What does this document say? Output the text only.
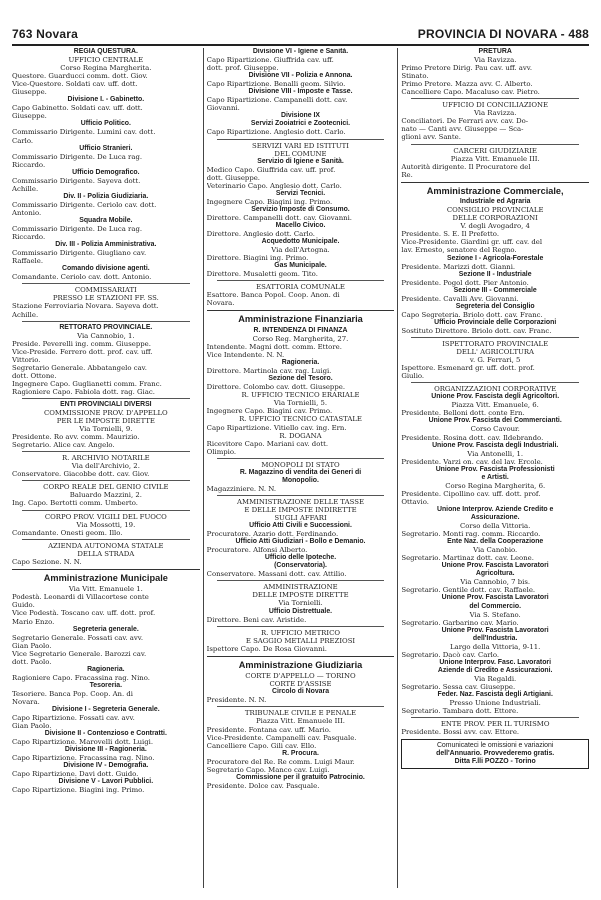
763 Novara	PROVINCIA DI NOVARA - 488
REGIA QUESTURA.
UFFICIO CENTRALE
Corso Regina Margherita.
Questore. Guarducci comm. dott. Giov.
Vice-Questore. Soldati cav. uff. dott.
Giuseppe.
Divisione I. - Gabinetto.
Capo Gabinetto. Soldati cav. uff. dott.
Giuseppe.
Ufficio Politico.
Commissario Dirigente. Lumini cav. dott.
Carlo.
Ufficio Stranieri.
Commissario Dirigente. De Luca rag.
Riccardo.
Ufficio Demografico.
Commissario Dirigente. Sayeva dott.
Achille.
Div. II - Polizia Giudiziaria.
Commissario Dirigente. Ceriolo cav. dott.
Antonio.
Squadra Mobile.
Commissario Dirigente. De Luca rag.
Riccardo.
Div. III - Polizia Amministrativa.
Commissario Dirigente. Giugliano cav.
Raffaele.
Comando divisione agenti.
Comandante. Ceriolo cav. dott. Antonio.
COMMISSARIATI
PRESSO LE STAZIONI FF. SS.
Stazione Ferroviaria Novara. Sayeva dott.
Achille.
RETTORATO PROVINCIALE.
Via Cannobio, 1.
Preside. Peverelli ing. comm. Giuseppe.
Vice-Preside. Ferrero dott. prof. cav. uff.
Vittorio.
Segretario Generale. Abbatangelo cav.
dott. Ottone.
Ingegnere Capo. Guglianetti comm. Franc.
Ragioniere Capo. Fabiola dott. rag. Giac.
ENTI PROVINCIALI DIVERSI
COMMISSIONE PROV. D'APPELLO
PER LE IMPOSTE DIRETTE
Via Tornielli, 9.
Presidente. Ro avv. comm. Maurizio.
Segretario. Alice cav. Angelo.
R. ARCHIVIO NOTARILE
Via dell'Archivio, 2.
Conservatore. Giacobbe dott. cav. Giov.
CORPO REALE DEL GENIO CIVILE
Baluardo Mazzini, 2.
Ing. Capo. Bertotti comm. Umberto.
CORPO PROV. VIGILI DEL FUOCO
Via Mossotti, 19.
Comandante. Onesti geom. Illo.
AZIENDA AUTONOMA STATALE
DELLA STRADA
Capo Sezione. N. N.
Amministrazione Municipale
Via Vitt. Emanuele 1.
Podestà. Leonardi di Villacortese conte
Guido.
Vice Podestà. Toscano cav. uff. dott. prof.
Mario Enzo.
Segreteria generale.
Segretario Generale. Fossati cav. avv.
Gian Paolo.
Vice Segretario Generale. Barozzi cav.
dott. Paolo.
Ragioneria.
Ragioniere Capo. Fracassina rag. Nino.
Tesoreria.
Tesoriere. Banca Pop. Coop. An. di
Novara.
Divisione I - Segreteria Generale.
Capo Ripartizione. Fossati cav. avv.
Gian Paolo.
Divisione II - Contenzioso e Contratti.
Capo Ripartizione. Marovelli dott. Luigi.
Divisione III - Ragioneria.
Capo Ripartizione. Fracassina rag. Nino.
Divisione IV - Demografia.
Capo Ripartizione. Davi dott. Guido.
Divisione V - Lavori Pubblici.
Capo Ripartizione. Biagini ing. Primo.
Divisione VI - Igiene e Sanità.
Capo Ripartizione. Giuffrida cav. uff.
dott. prof. Giuseppe.
Divisione VII - Polizia e Annona.
Capo Ripartizione. Benalli geom. Silvio.
Divisione VIII - Imposte e Tasse.
Capo Ripartizione. Campanelli dott. cav.
Giovanni.
Divisione IX
Servizi Zooiatrici e Zootecnici.
Capo Ripartizione. Anglesio dott. Carlo.
SERVIZI VARI ED ISTITUTI
DEL COMUNE
Servizio di Igiene e Sanità.
Medico Capo. Giuffrida cav. uff. prof.
dott. Giuseppe.
Veterinario Capo. Anglesio dott. Carlo.
Servizi Tecnici.
Ingegnere Capo. Biagini ing. Primo.
Servizio Imposte di Consumo.
Direttore. Campanelli dott. cav. Giovanni.
Macello Civico.
Direttore. Anglesio dott. Carlo.
Acquedotto Municipale.
Via dell'Artogna.
Direttore. Biagini ing. Primo.
Gas Municipale.
Direttore. Musaletti geom. Tito.
ESATTORIA COMUNALE
Esattore. Banca Popol. Coop. Anon. di
Novara.
Amministrazione Finanziaria
R. INTENDENZA DI FINANZA
Corso Reg. Margherita, 27.
Intendente. Magni dott. comm. Ettore.
Vice Intendente. N. N.
Ragioneria.
Direttore. Martinola cav. rag. Luigi.
Sezione del Tesoro.
Direttore. Colombo cav. dott. Giuseppe.
R. UFFICIO TECNICO ERARIALE
Via Tornielli, 5.
Ingegnere Capo. Biagini cav. Primo.
R. UFFICIO TECNICO CATASTALE
Capo Ripartizione. Vitiello cav. ing. Ern.
R. DOGANA
Ricevitore Capo. Mariani cav. dott.
Olimpio.
MONOPOLI DI STATO
R. Magazzino di vendita dei Generi di
Monopolio.
Magazziniere. N. N.
AMMINISTRAZIONE DELLE TASSE
E DELLE IMPOSTE INDIRETTE
SUGLI AFFARI
Ufficio Atti Civili e Successioni.
Procuratore. Azario dott. Ferdinando.
Ufficio Atti Giudiziari - Bollo e Demanio.
Procuratore. Alfonsi Alberto.
Ufficio delle Ipoteche.
(Conservatoria).
Conservatore. Massani dott. cav. Attilio.
AMMINISTRAZIONE
DELLE IMPOSTE DIRETTE
Via Tornielli.
Ufficio Distrettuale.
Direttore. Beni cav. Aristide.
R. UFFICIO METRICO
E SAGGIO METALLI PREZIOSI
Ispettore Capo. De Rosa Giovanni.
Amministrazione Giudiziaria
CORTE D'APPELLO — TORINO
CORTE D'ASSISE
Circolo di Novara
Presidente. N. N.
TRIBUNALE CIVILE E PENALE
Piazza Vitt. Emanuele III.
Presidente. Fontana cav. uff. Mario.
Vice-Presidente. Campanelli cav. Pasquale.
Cancelliere Capo. Gili cav. Ello.
R. Procura.
Procuratore del Re. Re comm. Luigi Maur.
Segretario Capo. Manco cav. Luigi.
Commissione per il gratuito Patrocinio.
Presidente. Dolce cav. Pasquale.
PRETURA
Via Ravizza.
Primo Pretore Dirig. Pau cav. uff. avv.
Stinato.
Primo Pretore. Mazza avv. C. Alberto.
Cancelliere Capo. Macaluso cav. Pietro.
UFFICIO DI CONCILIAZIONE
Via Ravizza.
Conciliatori. De Ferrari avv. cav. Do-
nato — Canti avv. Giuseppe — Sca-
glioni avv. Sante.
CARCERI GIUDIZIARIE
Piazza Vitt. Emanuele III.
Autorità dirigente. Il Procuratore del
Re.
Amministrazione Commerciale,
Industriale ed Agraria
CONSIGLIO PROVINCIALE
DELLE CORPORAZIONI
V. degli Avogadro, 4
Presidente. S. E. Il Prefetto.
Vice-Presidente. Giardini gr. uff. cav. del
lav. Ernesto, senatore del Regno.
Sezione I - Agricola-Forestale
Presidente. Marizzi dott. Gianni.
Sezione II - Industriale
Presidente. Pogol dott. Pier Antonio.
Sezione III - Commerciale
Presidente. Cavalli Avv. Giovanni.
Segreteria del Consiglio
Capo Segreteria. Briolo dott. cav. Franc.
Ufficio Provinciale delle Corporazioni
Sostituto Direttore. Briolo dott. cav. Franc.
ISPETTORATO PROVINCIALE
DELL' AGRICOLTURA
v. G. Ferrari, 5
Ispettore. Esmenard gr. uff. dott. prof.
Giulio.
ORGANIZZAZIONI CORPORATIVE
Unione Prov. Fascista degli Agricoltori.
Piazza Vitt. Emanuele, 6.
Presidente. Belloni dott. conte Ern.
Unione Prov. Fascista dei Commercianti.
Corso Cavour.
Presidente. Rosina dott. cav. Ildebrando.
Unione Prov. Fascista degli Industriali.
Via Antonelli, 1.
Presidente. Varzi on. cav. del lav. Ercole.
Unione Prov. Fascista Professionisti
e Artisti.
Corso Regina Margherita, 6.
Presidente. Cipollino cav. uff. dott. prof.
Ottavio.
Unione Interprov. Aziende Credito e
Assicurazione.
Corso della Vittoria.
Segretario. Monti rag. comm. Riccardo.
Ente Naz. della Cooperazione
Via Canobio.
Segretario. Martinaz dott. cav. Leone.
Unione Prov. Fascista Lavoratori
Agricoltura.
Via Cannobio, 7 bis.
Segretario. Gentile dott. cav. Raffaele.
Unione Prov. Fascista Lavoratori
del Commercio.
Via S. Stefano.
Segretario. Garbarino cav. Mario.
Unione Prov. Fascista Lavoratori
dell'Industria.
Largo della Vittoria, 9-11.
Segretario. Dacò cav. Carlo.
Unione Interprov. Fasc. Lavoratori
Aziende di Credito e Assicurazioni.
Via Regaldi.
Segretario. Sessa cav. Giuseppe.
Feder. Naz. Fascista degli Artigiani.
Presso Unione Industriali.
Segretario. Tambara dott. Ettore.
ENTE PROV. PER IL TURISMO
Presidente. Bossi avv. cav. Ettore.
Comunicateci le omissioni e variazioni
dell'Annuario. Provvederemo gratis.
Ditta F.lli POZZO - Torino
